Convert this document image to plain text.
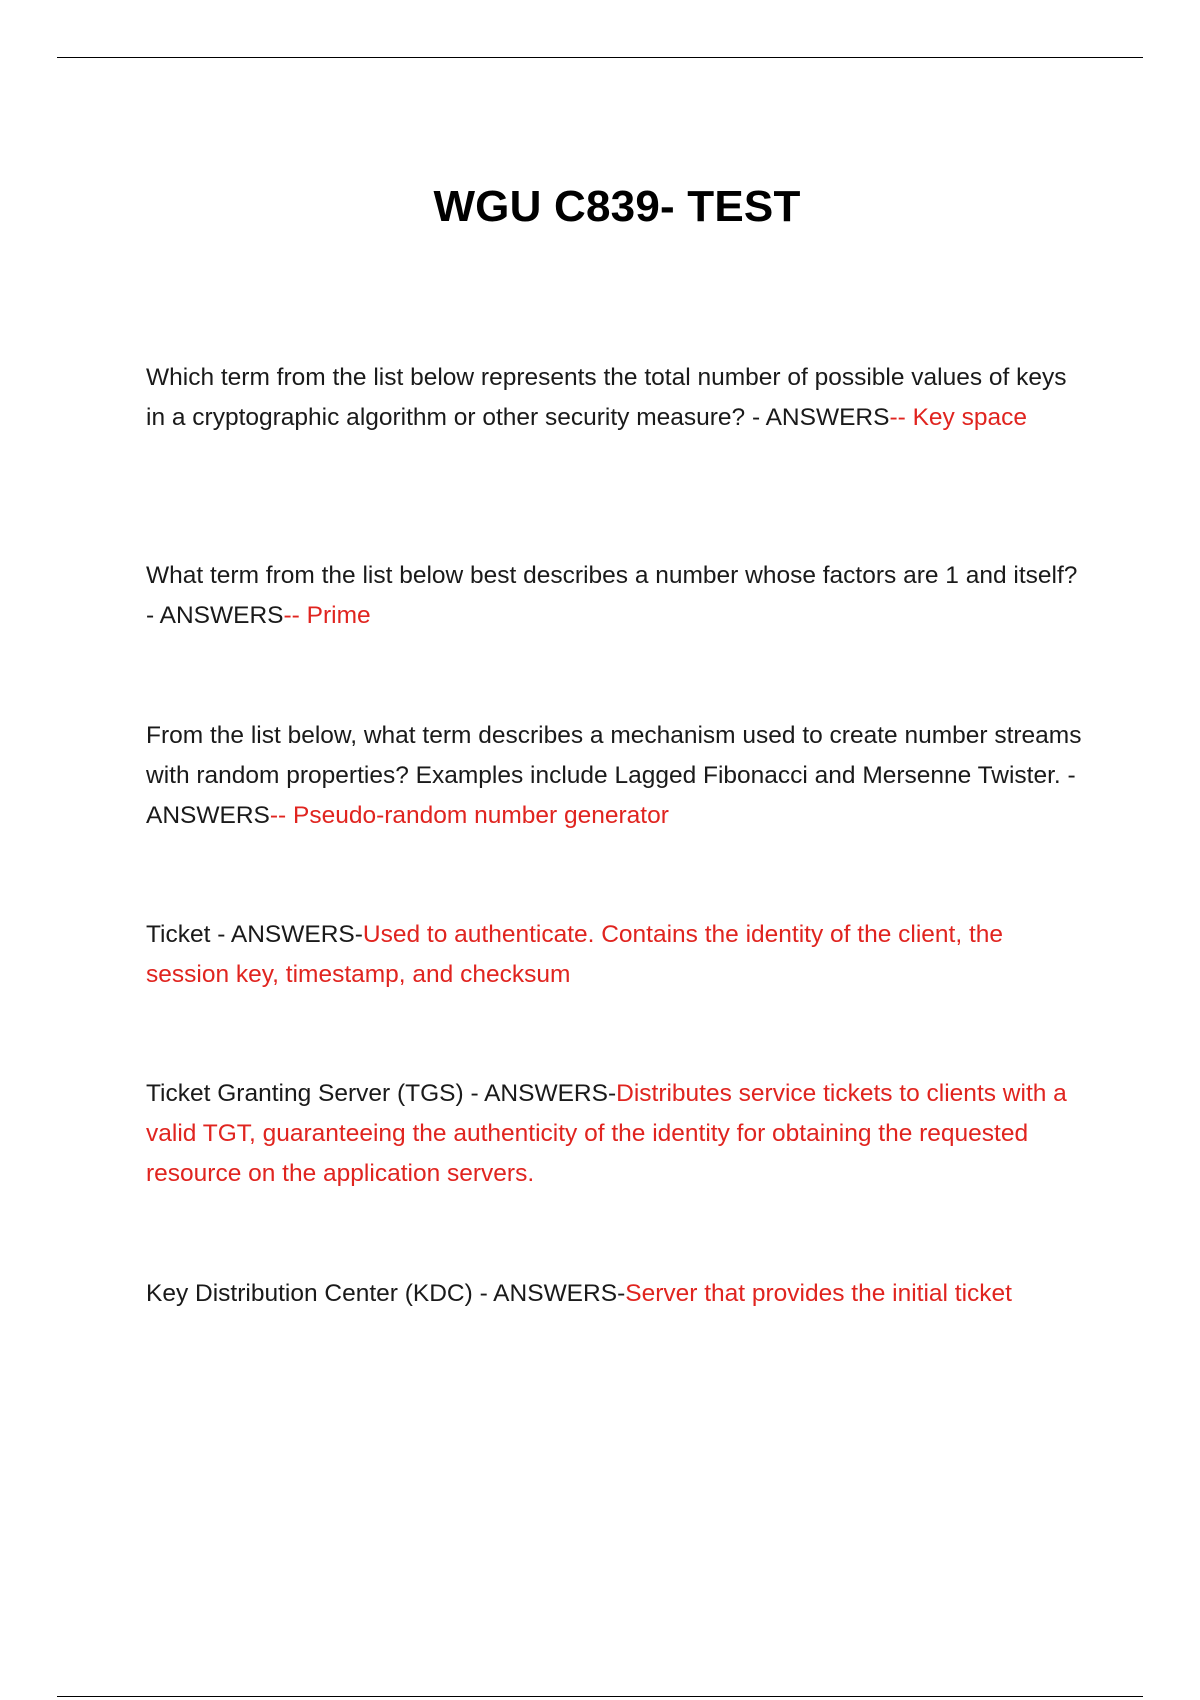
WGU C839- TEST
Which term from the list below represents the total number of possible values of keys in a cryptographic algorithm or other security measure? - ANSWERS-- Key space
What term from the list below best describes a number whose factors are 1 and itself? - ANSWERS-- Prime
From the list below, what term describes a mechanism used to create number streams with random properties? Examples include Lagged Fibonacci and Mersenne Twister. - ANSWERS-- Pseudo-random number generator
Ticket - ANSWERS-Used to authenticate. Contains the identity of the client, the session key, timestamp, and checksum
Ticket Granting Server (TGS) - ANSWERS-Distributes service tickets to clients with a valid TGT, guaranteeing the authenticity of the identity for obtaining the requested resource on the application servers.
Key Distribution Center (KDC) - ANSWERS-Server that provides the initial ticket
